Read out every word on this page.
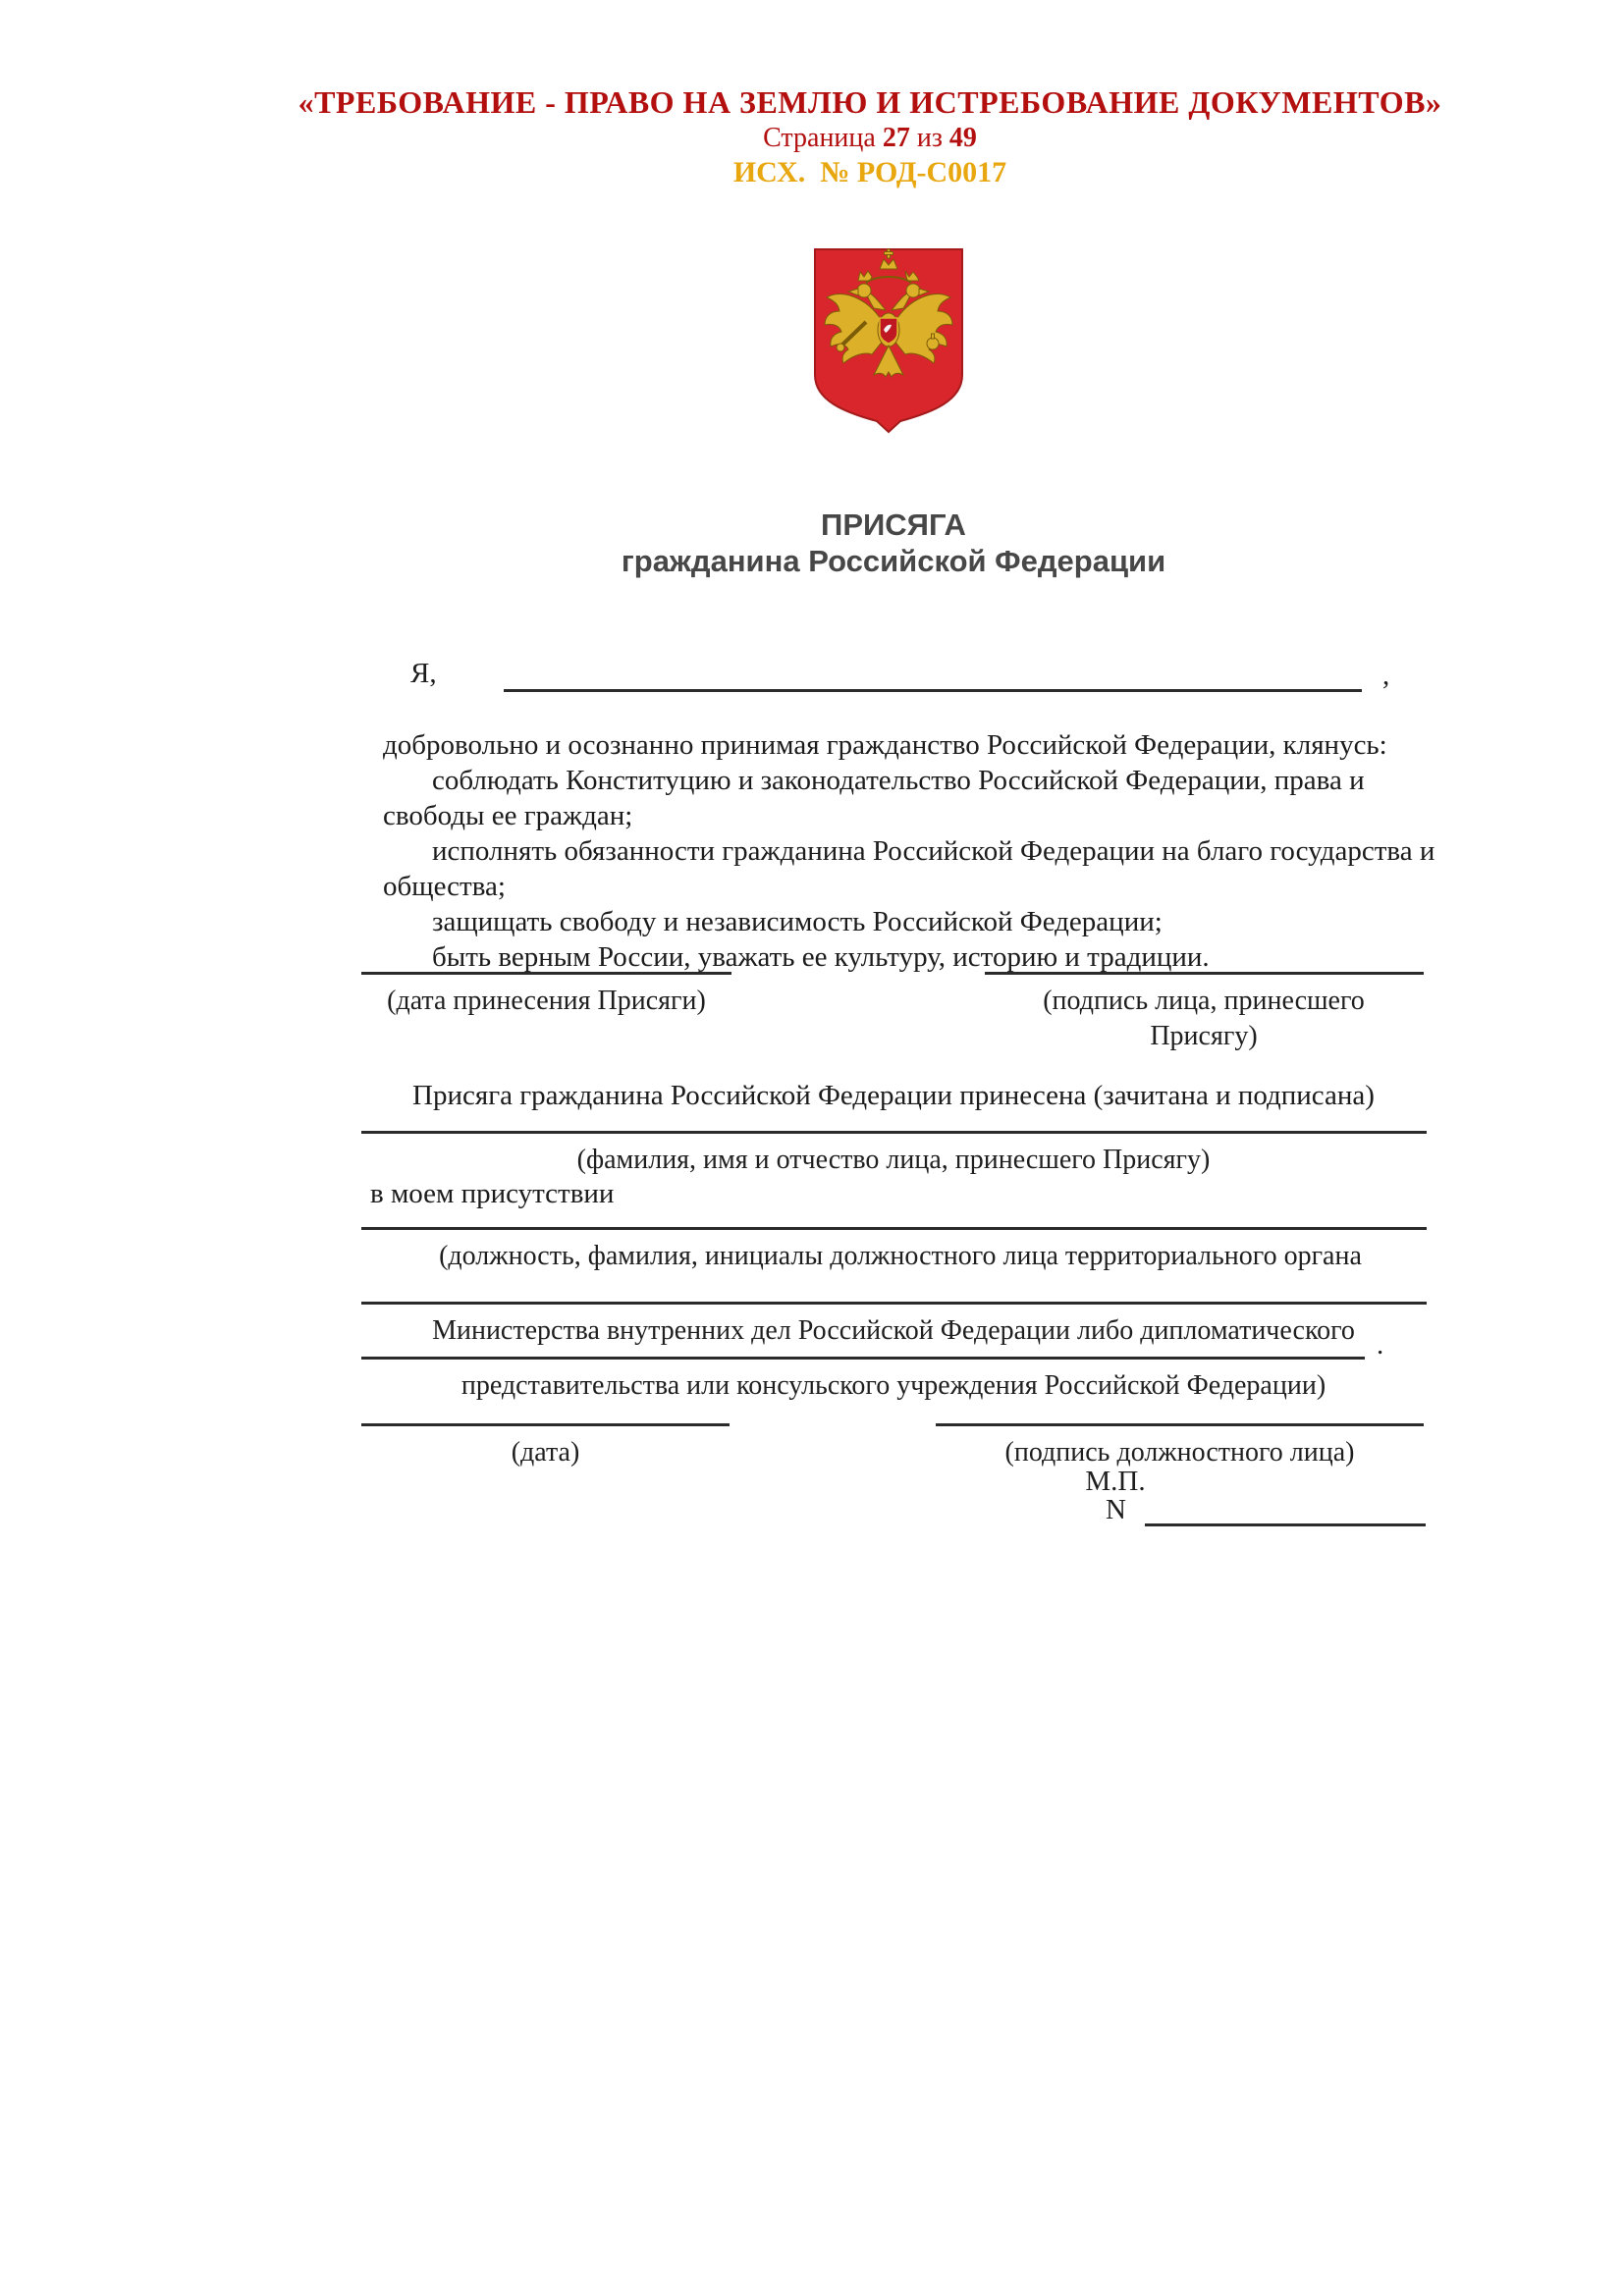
«ТРЕБОВАНИЕ - ПРАВО НА ЗЕМЛЮ И ИСТРЕБОВАНИЕ ДОКУМЕНТОВ»
Страница 27 из 49
ИСХ.  № РОД-С0017
ПРИСЯГА
гражданина Российской Федерации
Я,	,
добровольно и осознанно принимая гражданство Российской Федерации, клянусь:
соблюдать Конституцию и законодательство Российской Федерации, права и
свободы ее граждан;
исполнять обязанности гражданина Российской Федерации на благо государства и
общества;
защищать свободу и независимость Российской Федерации;
быть верным России, уважать ее культуру, историю и традиции.
(дата принесения Присяги)	(подпись лица, принесшего Присягу)
Присяга гражданина Российской Федерации принесена (зачитана и подписана)
(фамилия, имя и отчество лица, принесшего Присягу)
в моем присутствии
(должность, фамилия, инициалы должностного лица территориального органа
Министерства внутренних дел Российской Федерации либо дипломатического .
представительства или консульского учреждения Российской Федерации)
(дата)	(подпись должностного лица)
М.П.
N
